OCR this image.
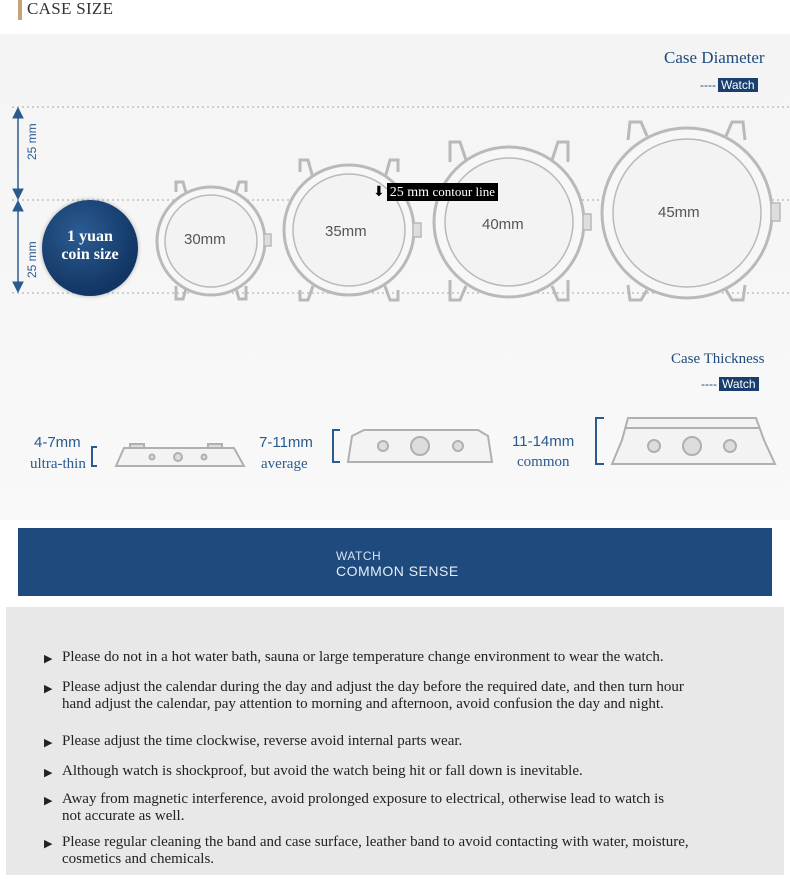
CASE SIZE
Case Diameter
---- Watch
25 mm
25 mm
1 yuan
coin size
⬇ 25 mm contour line
30mm	35mm	40mm
45mm
Case Thickness
---- Watch
4-7mm
ultra-thin
7-11mm
average
11-14mm
common
WATCH
COMMON SENSE
▶ Please do not in a hot water bath, sauna or large temperature change environment to wear the watch.
▶ Please adjust the calendar during the day and adjust the day before the required date, and then turn hour
hand adjust the calendar, pay attention to morning and afternoon, avoid confusion the day and night.
▶ Please adjust the time clockwise, reverse avoid internal parts wear.
▶ Although watch is shockproof, but avoid the watch being hit or fall down is inevitable.
▶ Away from magnetic interference, avoid prolonged exposure to electrical, otherwise lead to watch is
not accurate as well.
▶ Please regular cleaning the band and case surface, leather band to avoid contacting with water, moisture,
cosmetics and chemicals.
